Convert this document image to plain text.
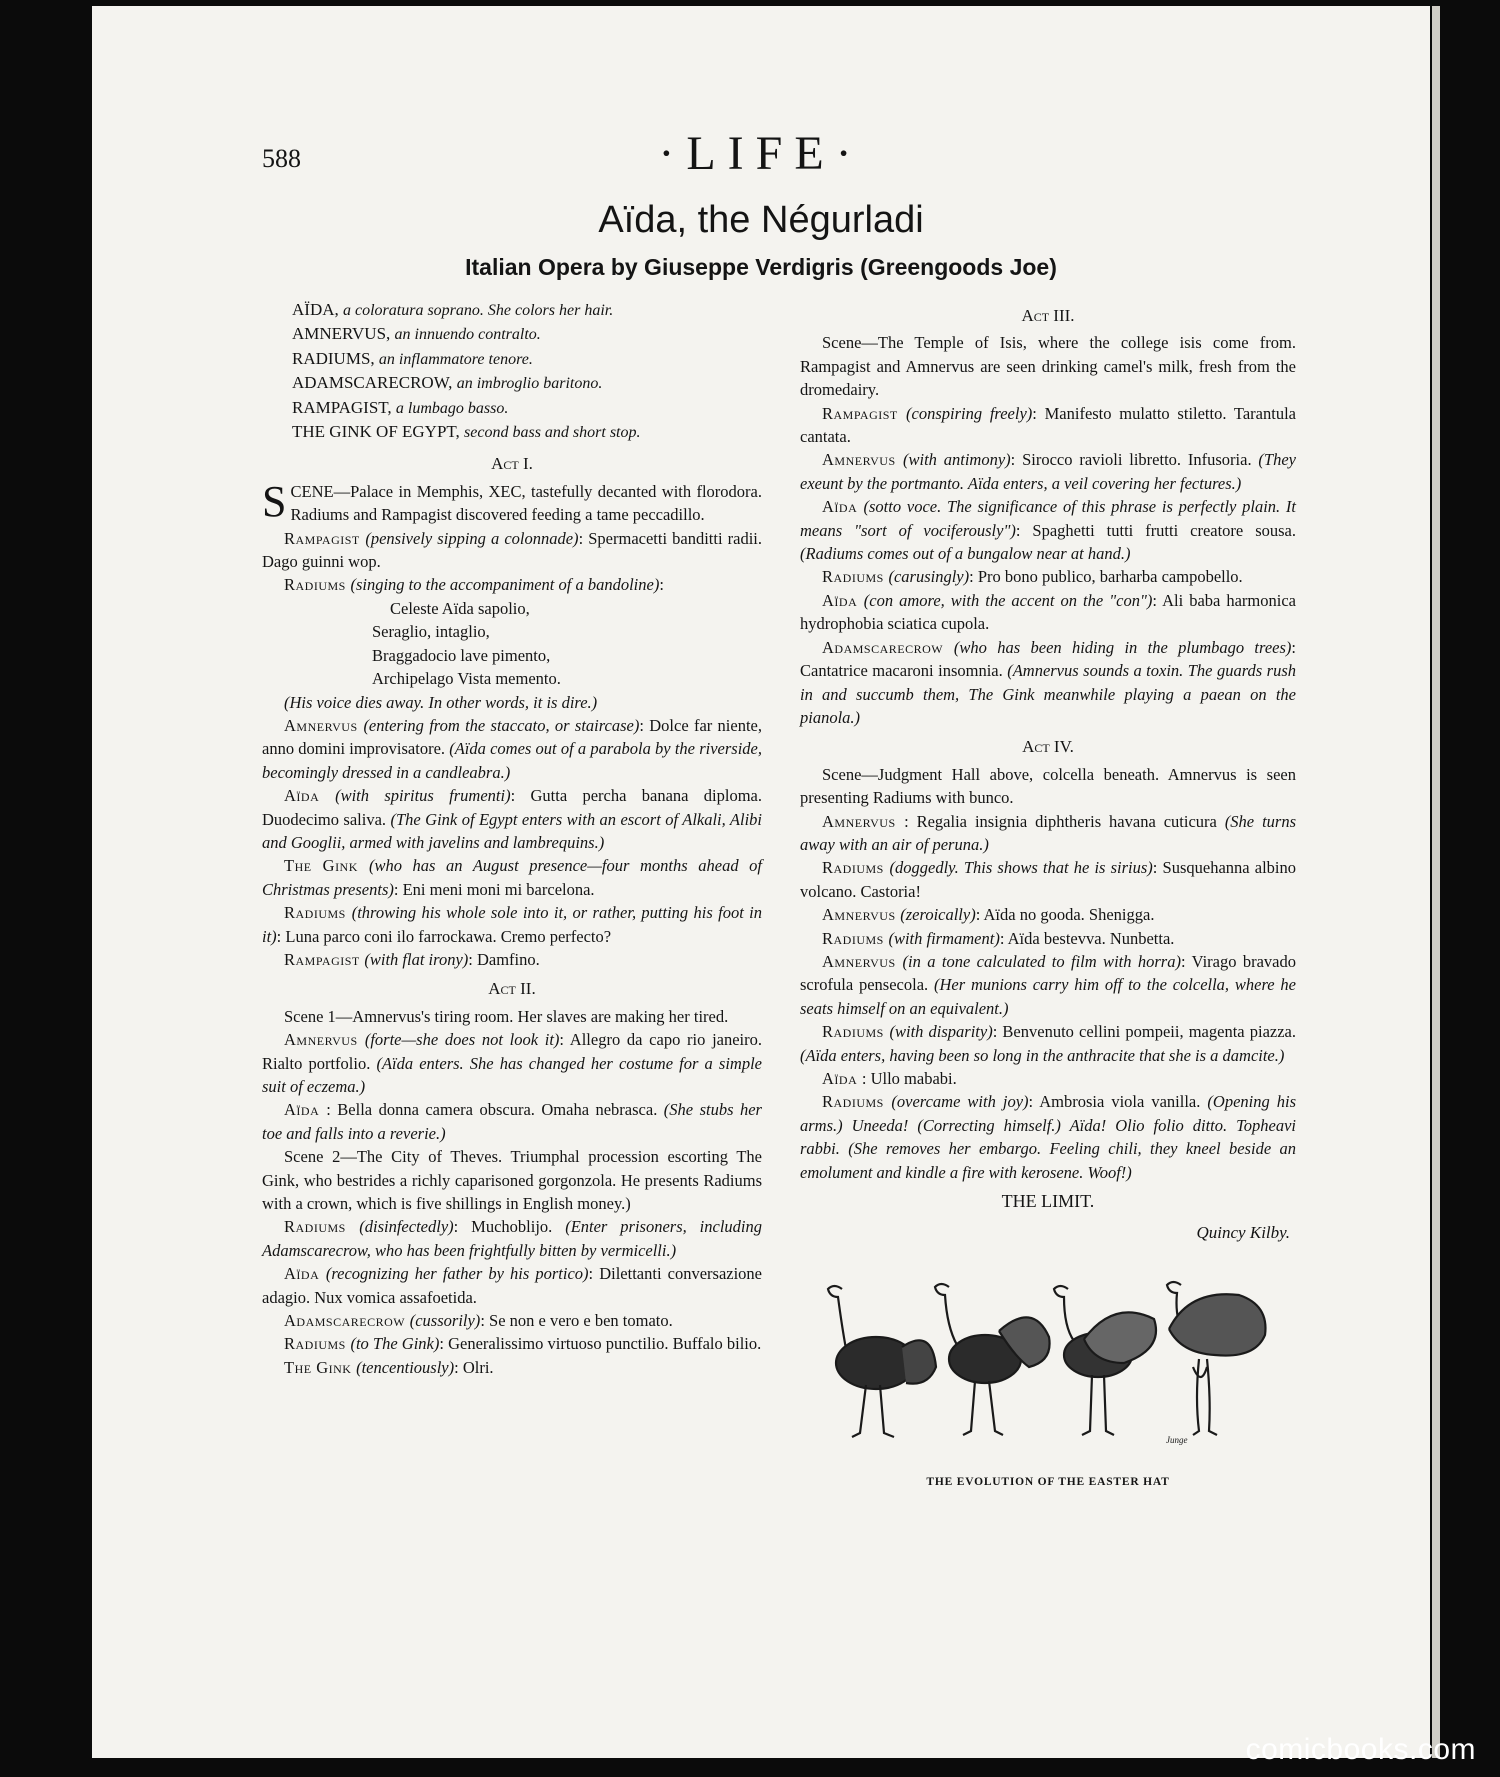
·LIFE·
588
Aïda, the Négurladi
Italian Opera by Giuseppe Verdigris (Greengoods Joe)
AÏDA, a coloratura soprano. She colors her hair.
AMNERVUS, an innuendo contralto.
RADIUMS, an inflammatore tenore.
ADAMSCARECROW, an imbroglio baritono.
RAMPAGIST, a lumbago basso.
THE GINK OF EGYPT, second bass and short stop.
Act I.

SCENE—Palace in Memphis, XEC, tastefully decanted with florodora. Radiums and Rampagist discovered feeding a tame peccadillo.

Rampagist (pensively sipping a colonnade): Spermacetti banditti radii. Dago guinni wop.

Radiums (singing to the accompaniment of a bandoline):

Celeste Aïda sapolio,
Seraglio, intaglio,
Braggadocio lave pimento,
Archipelago Vista memento.

(His voice dies away. In other words, it is dire.)

Amnervus (entering from the staccato, or staircase): Dolce far niente, anno domini improvisatore. (Aïda comes out of a parabola by the riverside, becomingly dressed in a candleabra.)

Aïda (with spiritus frumenti): Gutta percha banana diploma. Duodecimo saliva. (The Gink of Egypt enters with an escort of Alkali, Alibi and Googlii, armed with javelins and lambrequins.)

The Gink (who has an August presence—four months ahead of Christmas presents): Eni meni moni mi barcelona.

Radiums (throwing his whole sole into it, or rather, putting his foot in it): Luna parco coni ilo farrockawa. Cremo perfecto?

Rampagist (with flat irony): Damfino.

Act II.

Scene 1—Amnervus's tiring room. Her slaves are making her tired.

Amnervus (forte—she does not look it): Allegro da capo rio janeiro. Rialto portfolio. (Aïda enters. She has changed her costume for a simple suit of eczema.)

Aïda : Bella donna camera obscura. Omaha nebrasca. (She stubs her toe and falls into a reverie.)

Scene 2—The City of Theves. Triumphal procession escorting The Gink, who bestrides a richly caparisoned gorgonzola. He presents Radiums with a crown, which is five shillings in English money.)

Radiums (disinfectedly): Muchoblijo. (Enter prisoners, including Adamscarecrow, who has been frightfully bitten by vermicelli.)

Aïda (recognizing her father by his portico): Dilettanti conversazione adagio. Nux vomica assafoetida.

Adamscarecrow (cussorily): Se non e vero e ben tomato.

Radiums (to The Gink): Generalissimo virtuoso punctilio. Buffalo bilio.

The Gink (tencentiously): Olri.

Act III.

Scene—The Temple of Isis, where the college isis come from. Rampagist and Amnervus are seen drinking camel's milk, fresh from the dromedairy.

Rampagist (conspiring freely): Manifesto mulatto stiletto. Tarantula cantata.

Amnervus (with antimony): Sirocco ravioli libretto. Infusoria. (They exeunt by the portmanto. Aïda enters, a veil covering her fectures.)

Aïda (sotto voce. The significance of this phrase is perfectly plain. It means "sort of vociferously"): Spaghetti tutti frutti creatore sousa. (Radiums comes out of a bungalow near at hand.)

Radiums (carusingly): Pro bono publico, barharba campobello.

Aïda (con amore, with the accent on the "con"): Ali baba harmonica hydrophobia sciatica cupola.

Adamscarecrow (who has been hiding in the plumbago trees): Cantatrice macaroni insomnia. (Amnervus sounds a toxin. The guards rush in and succumb them, The Gink meanwhile playing a paean on the pianola.)

Act IV.

Scene—Judgment Hall above, colcella beneath. Amnervus is seen presenting Radiums with bunco.

Amnervus : Regalia insignia diphtheris havana cuticura (She turns away with an air of peruna.)

Radiums (doggedly. This shows that he is sirius): Susquehanna albino volcano. Castoria!

Amnervus (zeroically): Aïda no gooda. Shenigga.

Radiums (with firmament): Aïda bestevva. Nunbetta.

Amnervus (in a tone calculated to film with horra): Virago bravado scrofula pensecola. (Her munions carry him off to the colcella, where he seats himself on an equivalent.)

Radiums (with disparity): Benvenuto cellini pompeii, magenta piazza. (Aïda enters, having been so long in the anthracite that she is a damcite.)

Aïda : Ullo mababi.

Radiums (overcame with joy): Ambrosia viola vanilla. (Opening his arms.) Uneeda! (Correcting himself.) Aïda! Olio folio ditto. Topheavi rabbi. (She removes her embargo. Feeling chili, they kneel beside an emolument and kindle a fire with kerosene. Woof!)

THE LIMIT.
Quincy Kilby.
Junge
THE EVOLUTION OF THE EASTER HAT
comicbooks.com
